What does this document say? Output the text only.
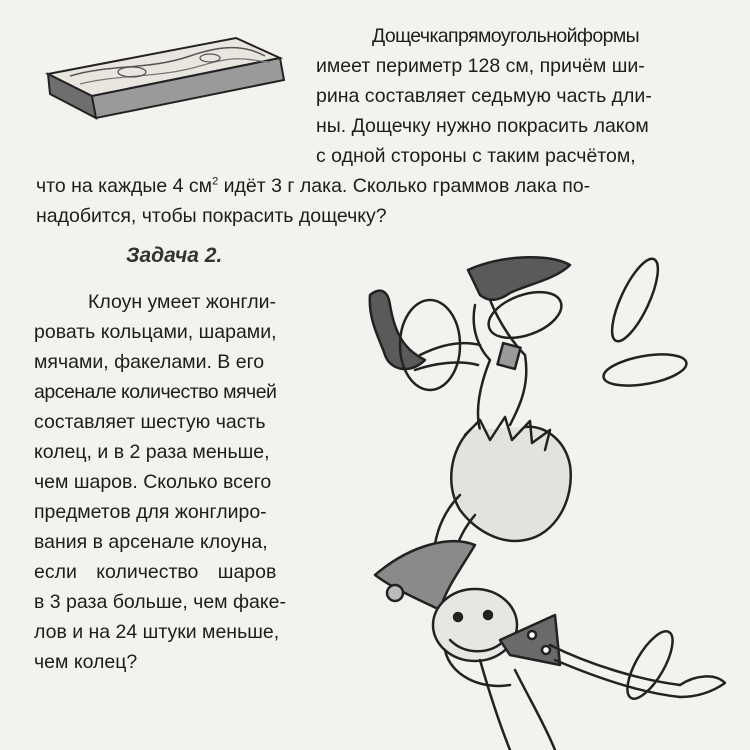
Дощечкапрямоугольнойформы
имеет периметр 128 см, причём ши-
рина составляет седьмую часть дли-
ны. Дощечку нужно покрасить лаком
с одной стороны с таким расчётом,
что на каждые 4 $см^2$ идёт 3 г лака. Сколько граммов лака по-
надобится, чтобы покрасить дощечку?
Задача 2.
Клоун умеет жонгли-
ровать кольцами, шарами,
мячами, факелами. В его
арсенале количество мячей
составляет шестую часть
колец, и в 2 раза меньше,
чем шаров. Сколько всего
предметов для жонглиро-
вания в арсенале клоуна,
если количество шаров
в 3 раза больше, чем факе-
лов и на 24 штуки меньше,
чем колец?
